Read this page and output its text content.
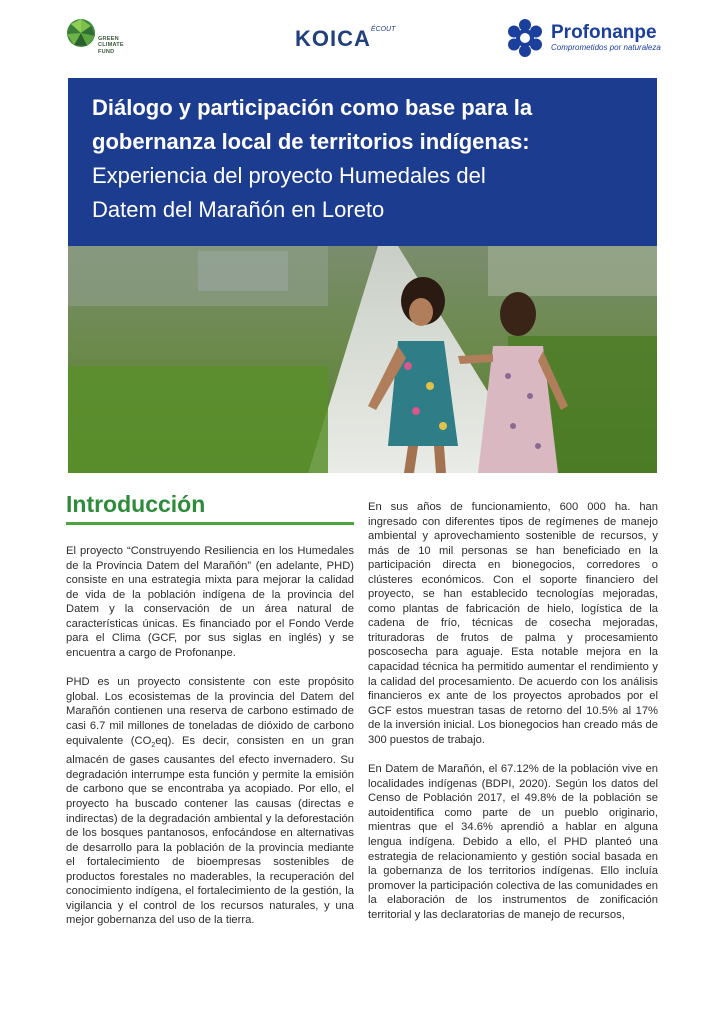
GREEN
CLIMATE
FUND
$KOICA^{ÉCOUT}$	Profonanpe
Comprometidos por naturaleza
Diálogo y participación como base para la
gobernanza local de territorios indígenas:
Experiencia del proyecto Humedales del
Datem del Marañón en Loreto
Introducción

El proyecto “Construyendo Resiliencia en los Humedales de la Provincia Datem del Marañón” (en adelante, PHD) consiste en una estrategia mixta para mejorar la calidad de vida de la población indígena de la provincia del Datem y la conservación de un área natural de características únicas. Es financiado por el Fondo Verde para el Clima (GCF, por sus siglas en inglés) y se encuentra a cargo de Profonanpe.

PHD es un proyecto consistente con este propósito global. Los ecosistemas de la provincia del Datem del Marañón contienen una reserva de carbono estimado de casi 6.7 mil millones de toneladas de dióxido de carbono equivalente $(CO_2eq)$. Es decir, consisten en un gran almacén de gases causantes del efecto invernadero. Su degradación interrumpe esta función y permite la emisión de carbono que se encontraba ya acopiado. Por ello, el proyecto ha buscado contener las causas (directas e indirectas) de la degradación ambiental y la deforestación de los bosques pantanosos, enfocándose en alternativas de desarrollo para la población de la provincia mediante el fortalecimiento de bioempresas sostenibles de productos forestales no maderables, la recuperación del conocimiento indígena, el fortalecimiento de la gestión, la vigilancia y el control de los recursos naturales, y una mejor gobernanza del uso de la tierra.

En sus años de funcionamiento, 600 000 ha. han ingresado con diferentes tipos de regímenes de manejo ambiental y aprovechamiento sostenible de recursos, y más de 10 mil personas se han beneficiado en la participación directa en bionegocios, corredores o clústeres económicos. Con el soporte financiero del proyecto, se han establecido tecnologías mejoradas, como plantas de fabricación de hielo, logística de la cadena de frío, técnicas de cosecha mejoradas, trituradoras de frutos de palma y procesamiento poscosecha para aguaje. Esta notable mejora en la capacidad técnica ha permitido aumentar el rendimiento y la calidad del procesamiento. De acuerdo con los análisis financieros ex ante de los proyectos aprobados por el GCF estos muestran tasas de retorno del 10.5% al 17% de la inversión inicial. Los bionegocios han creado más de 300 puestos de trabajo.

En Datem de Marañón, el 67.12% de la población vive en localidades indígenas (BDPI, 2020). Según los datos del Censo de Población 2017, el 49.8% de la población se autoidentifica como parte de un pueblo originario, mientras que el 34.6% aprendió a hablar en alguna lengua indígena. Debido a ello, el PHD planteó una estrategia de relacionamiento y gestión social basada en la gobernanza de los territorios indígenas. Ello incluía promover la participación colectiva de las comunidades en la elaboración de los instrumentos de zonificación territorial y las declaratorias de manejo de recursos,
